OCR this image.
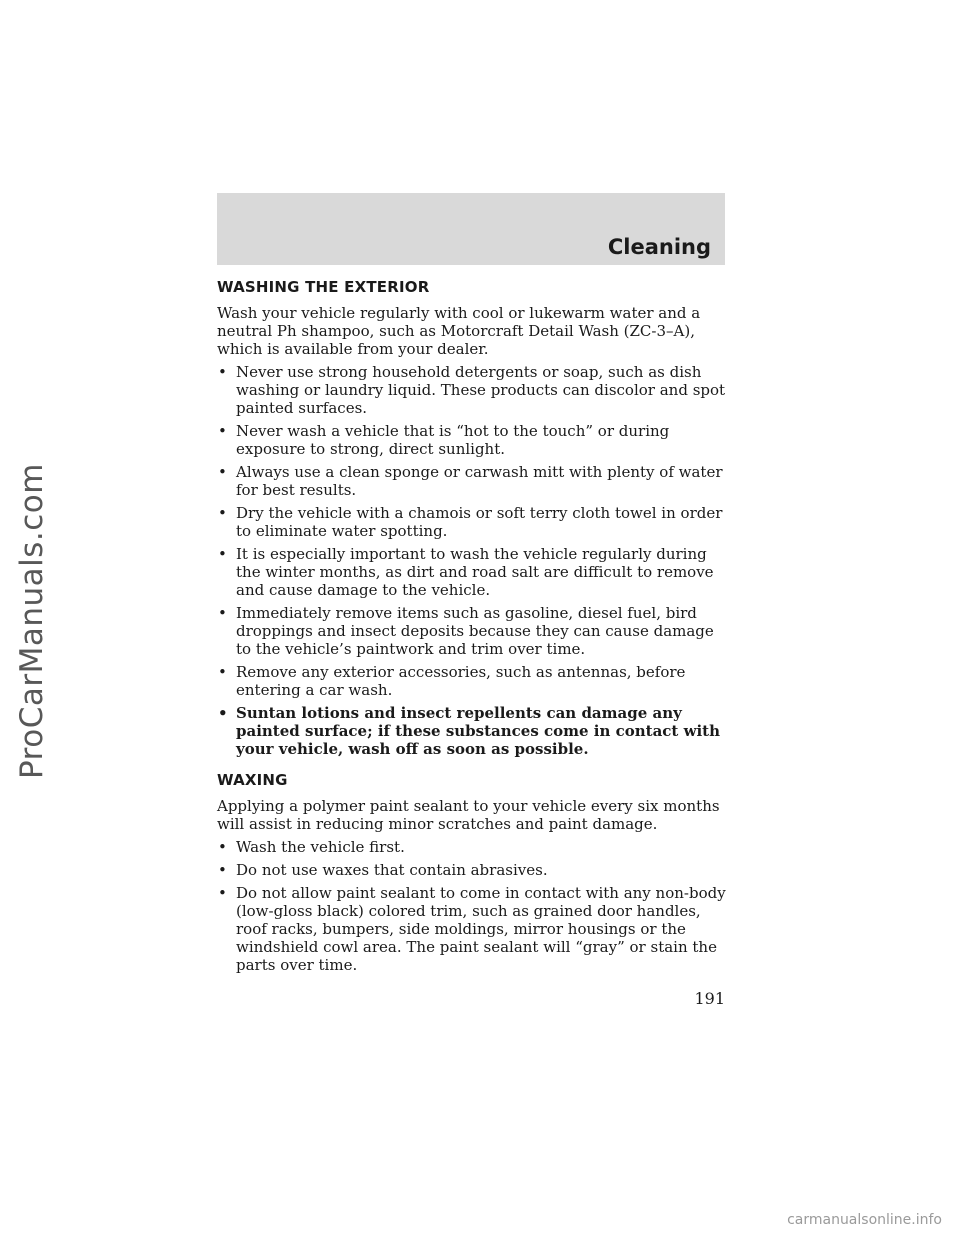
ProCarManuals.com
Cleaning
WASHING THE EXTERIOR

Wash your vehicle regularly with cool or lukewarm water and a neutral Ph shampoo, such as Motorcraft Detail Wash (ZC-3–A), which is available from your dealer.

• Never use strong household detergents or soap, such as dish washing or laundry liquid. These products can discolor and spot painted surfaces.
• Never wash a vehicle that is “hot to the touch” or during exposure to strong, direct sunlight.
• Always use a clean sponge or carwash mitt with plenty of water for best results.
• Dry the vehicle with a chamois or soft terry cloth towel in order to eliminate water spotting.
• It is especially important to wash the vehicle regularly during the winter months, as dirt and road salt are difficult to remove and cause damage to the vehicle.
• Immediately remove items such as gasoline, diesel fuel, bird droppings and insect deposits because they can cause damage to the vehicle’s paintwork and trim over time.
• Remove any exterior accessories, such as antennas, before entering a car wash.
• Suntan lotions and insect repellents can damage any painted surface; if these substances come in contact with your vehicle, wash off as soon as possible.
WAXING

Applying a polymer paint sealant to your vehicle every six months will assist in reducing minor scratches and paint damage.

• Wash the vehicle first.
• Do not use waxes that contain abrasives.
• Do not allow paint sealant to come in contact with any non-body (low-gloss black) colored trim, such as grained door handles, roof racks, bumpers, side moldings, mirror housings or the windshield cowl area. The paint sealant will “gray” or stain the parts over time.
191
carmanualsonline.info
